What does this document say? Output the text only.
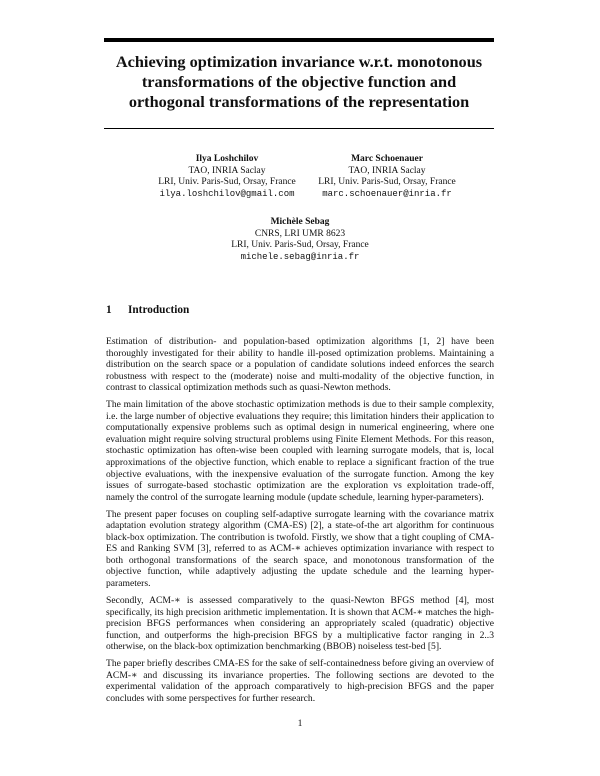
Achieving optimization invariance w.r.t. monotonous
transformations of the objective function and
orthogonal transformations of the representation
Ilya Loshchilov
TAO, INRIA Saclay
LRI, Univ. Paris-Sud, Orsay, France
ilya.loshchilov@gmail.com
Marc Schoenauer
TAO, INRIA Saclay
LRI, Univ. Paris-Sud, Orsay, France
marc.schoenauer@inria.fr
Michèle Sebag
CNRS, LRI UMR 8623
LRI, Univ. Paris-Sud, Orsay, France
michele.sebag@inria.fr
1 Introduction

Estimation of distribution- and population-based optimization algorithms [1, 2] have been thoroughly investigated for their ability to handle ill-posed optimization problems. Maintaining a distribution on the search space or a population of candidate solutions indeed enforces the search robustness with respect to the (moderate) noise and multi-modality of the objective function, in contrast to classical optimization methods such as quasi-Newton methods.

The main limitation of the above stochastic optimization methods is due to their sample complexity, i.e. the large number of objective evaluations they require; this limitation hinders their application to computationally expensive problems such as optimal design in numerical engineering, where one evaluation might require solving structural problems using Finite Element Methods. For this reason, stochastic optimization has often-wise been coupled with learning surrogate models, that is, local approximations of the objective function, which enable to replace a significant fraction of the true objective evaluations, with the inexpensive evaluation of the surrogate function. Among the key issues of surrogate-based stochastic optimization are the exploration vs exploitation trade-off, namely the control of the surrogate learning module (update schedule, learning hyper-parameters).

The present paper focuses on coupling self-adaptive surrogate learning with the covariance matrix adaptation evolution strategy algorithm (CMA-ES) [2], a state-of-the art algorithm for continuous black-box optimization. The contribution is twofold. Firstly, we show that a tight coupling of CMA-ES and Ranking SVM [3], referred to as ACM-∗ achieves optimization invariance with respect to both orthogonal transformations of the search space, and monotonous transformation of the objective function, while adaptively adjusting the update schedule and the learning hyper-parameters.

Secondly, ACM-∗ is assessed comparatively to the quasi-Newton BFGS method [4], most specifically, its high precision arithmetic implementation. It is shown that ACM-∗ matches the high-precision BFGS performances when considering an appropriately scaled (quadratic) objective function, and outperforms the high-precision BFGS by a multiplicative factor ranging in 2..3 otherwise, on the black-box optimization benchmarking (BBOB) noiseless test-bed [5].

The paper briefly describes CMA-ES for the sake of self-containedness before giving an overview of ACM-∗ and discussing its invariance properties. The following sections are devoted to the experimental validation of the approach comparatively to high-precision BFGS and the paper concludes with some perspectives for further research.

1
